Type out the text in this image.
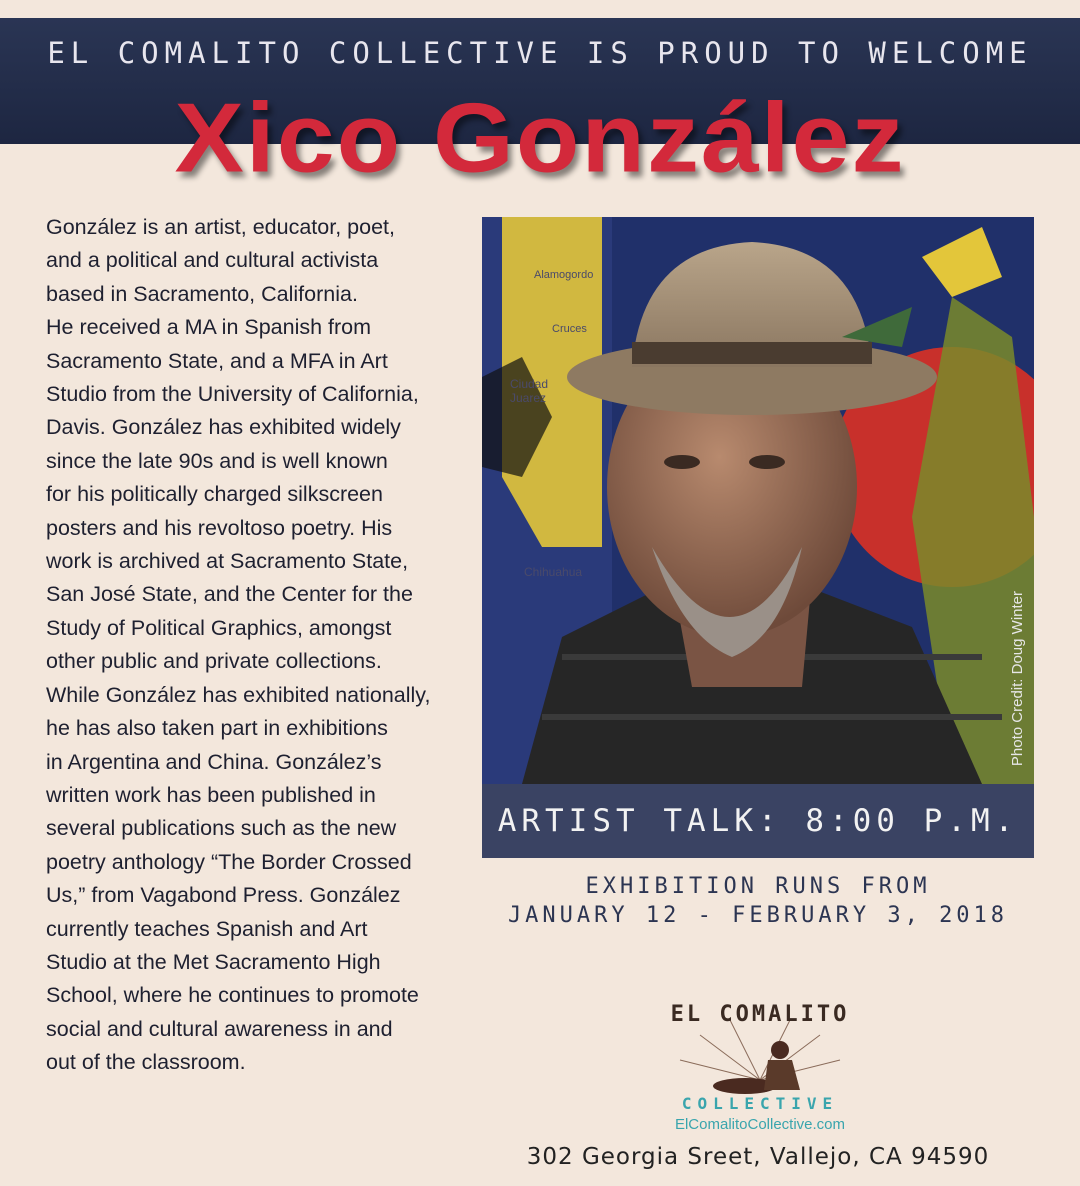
EL COMALITO COLLECTIVE IS PROUD TO WELCOME
Xico González
González is an artist, educator, poet,
and a political and cultural activista
based in Sacramento, California.
He received a MA in Spanish from
Sacramento State, and a MFA in Art
Studio from the University of California,
Davis. González has exhibited widely
since the late 90s and is well known
for his politically charged silkscreen
posters and his revoltoso poetry. His
work is archived at Sacramento State,
San José State, and the Center for the
Study of Political Graphics, amongst
other public and private collections.
While González has exhibited nationally,
he has also taken part in exhibitions
in Argentina and China. González’s
written work has been published in
several publications such as the new
poetry anthology “The Border Crossed
Us,” from Vagabond Press. González
currently teaches Spanish and Art
Studio at the Met Sacramento High
School, where he continues to promote
social and cultural awareness in and
out of the classroom.
Alamogordo
Cruces
Ciudad Juarez
Chihuahua
Photo Credit: Doug Winter
ARTIST TALK: 8:00 P.M.
EXHIBITION RUNS FROM
JANUARY 12 - FEBRUARY 3, 2018
EL COMALITO
COLLECTIVE
ElComalitoCollective.com
302 Georgia Sreet, Vallejo, CA 94590
